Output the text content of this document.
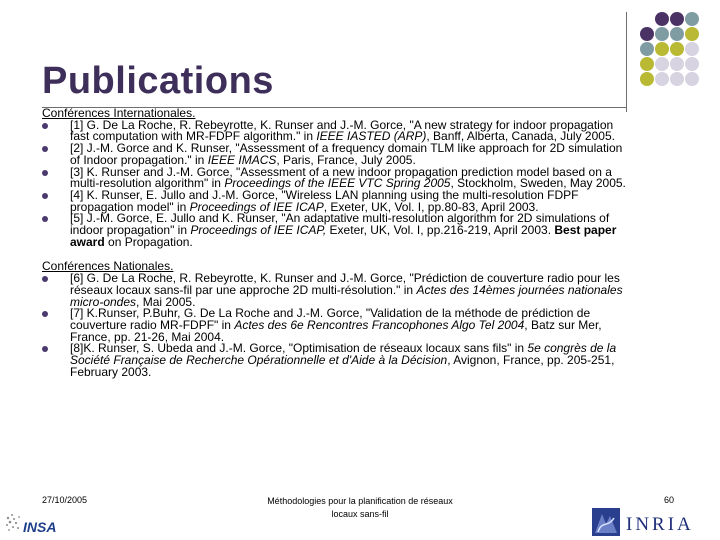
Publications

Conférences Internationales.

[1] G. De La Roche, R. Rebeyrotte, K. Runser and J.-M. Gorce, "A new strategy for indoor propagation
fast computation with MR-FDPF algorithm." in IEEE IASTED (ARP), Banff, Alberta, Canada, July 2005.
[2] J.-M. Gorce and K. Runser, "Assessment of a frequency domain TLM like approach for 2D simulation
of Indoor propagation." in IEEE IMACS, Paris, France, July 2005.
[3] K. Runser and J.-M. Gorce, "Assessment of a new indoor propagation prediction model based on a
multi-resolution algorithm" in Proceedings of the IEEE VTC Spring 2005, Stockholm, Sweden, May 2005.
[4] K. Runser, E. Jullo and J.-M. Gorce, "Wireless LAN planning using the multi-resolution FDPF
propagation model" in Proceedings of IEE ICAP, Exeter, UK, Vol. I, pp.80-83, April 2003.
[5] J.-M. Gorce, E. Jullo and K. Runser, "An adaptative multi-resolution algorithm for 2D simulations of
indoor propagation" in Proceedings of IEE ICAP, Exeter, UK, Vol. I, pp.216-219, April 2003. Best paper
award on Propagation.

Conférences Nationales.

[6] G. De La Roche, R. Rebeyrotte, K. Runser and J.-M. Gorce, "Prédiction de couverture radio pour les
réseaux locaux sans-fil par une approche 2D multi-résolution." in Actes des 14èmes journées nationales
micro-ondes, Mai 2005.
[7] K.Runser, P.Buhr, G. De La Roche and J.-M. Gorce, "Validation de la méthode de prédiction de
couverture radio MR-FDPF" in Actes des 6e Rencontres Francophones Algo Tel 2004, Batz sur Mer,
France, pp. 21-26, Mai 2004.
[8]K. Runser, S. Ubeda and J.-M. Gorce, "Optimisation de réseaux locaux sans fils" in 5e congrès de la
Société Française de Recherche Opérationnelle et d'Aide à la Décision, Avignon, France, pp. 205-251,
February 2003.
27/10/2005	Méthodologies pour la planification de réseaux
locaux sans-fil
60
INSA	INRIA
